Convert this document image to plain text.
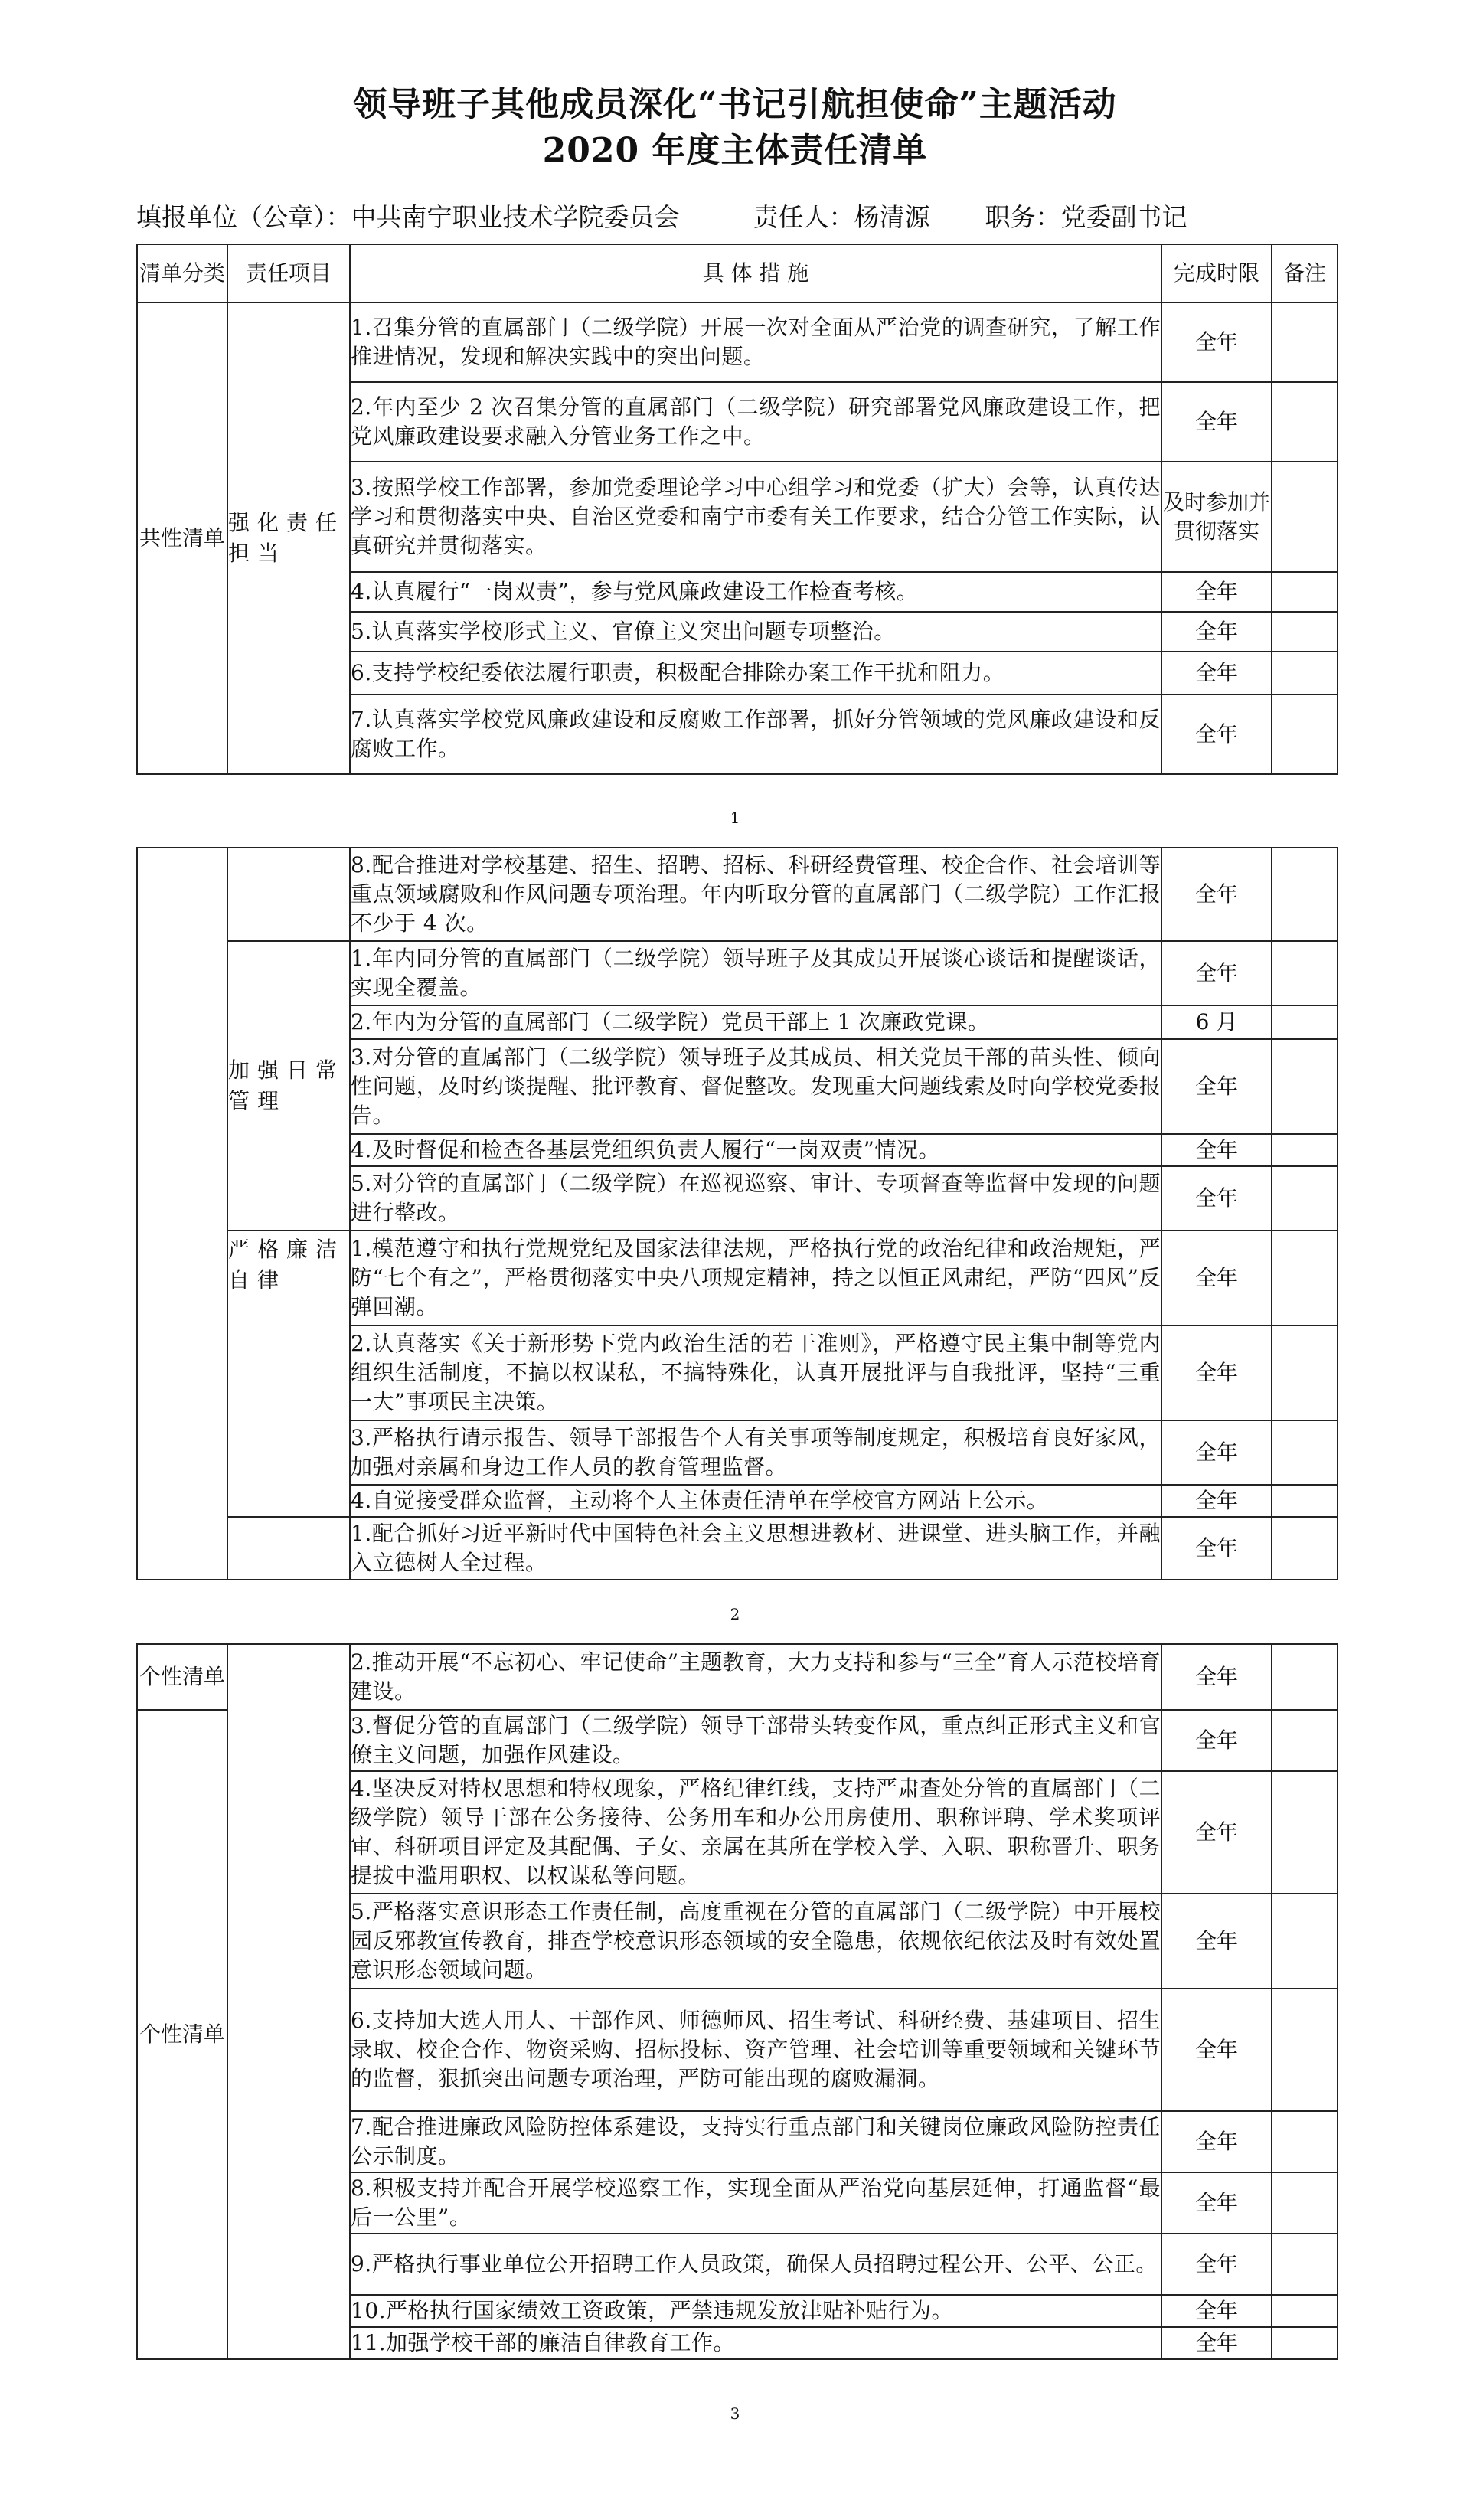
领导班子其他成员深化“书记引航担使命”主题活动
2020 年度主体责任清单
填报单位（公章）：中共南宁职业技术学院委员会	责任人：杨清源 职务：党委副书记
清单分类	责任项目	具 体 措 施	完成时限	备注
共性清单	强化责任担当	1.召集分管的直属部门（二级学院）开展一次对全面从严治党的调查研究，了解工作推进情况，发现和解决实践中的突出问题。	全年	
		2.年内至少 2 次召集分管的直属部门（二级学院）研究部署党风廉政建设工作，把党风廉政建设要求融入分管业务工作之中。	全年	
		3.按照学校工作部署，参加党委理论学习中心组学习和党委（扩大）会等，认真传达学习和贯彻落实中央、自治区党委和南宁市委有关工作要求，结合分管工作实际，认真研究并贯彻落实。	及时参加并贯彻落实	
		4.认真履行“一岗双责”，参与党风廉政建设工作检查考核。	全年	
		5.认真落实学校形式主义、官僚主义突出问题专项整治。	全年	
		6.支持学校纪委依法履行职责，积极配合排除办案工作干扰和阻力。	全年	
		7.认真落实学校党风廉政建设和反腐败工作部署，抓好分管领域的党风廉政建设和反腐败工作。	全年	
1
		8.配合推进对学校基建、招生、招聘、招标、科研经费管理、校企合作、社会培训等重点领域腐败和作风问题专项治理。年内听取分管的直属部门（二级学院）工作汇报不少于 4 次。	全年	
	加强日常管理	1.年内同分管的直属部门（二级学院）领导班子及其成员开展谈心谈话和提醒谈话，实现全覆盖。	全年	
		2.年内为分管的直属部门（二级学院）党员干部上 1 次廉政党课。	6 月	
		3.对分管的直属部门（二级学院）领导班子及其成员、相关党员干部的苗头性、倾向性问题，及时约谈提醒、批评教育、督促整改。发现重大问题线索及时向学校党委报告。	全年	
		4.及时督促和检查各基层党组织负责人履行“一岗双责”情况。	全年	
		5.对分管的直属部门（二级学院）在巡视巡察、审计、专项督查等监督中发现的问题进行整改。	全年	

	严格廉洁自律	1.模范遵守和执行党规党纪及国家法律法规，严格执行党的政治纪律和政治规矩，严防“七个有之”，严格贯彻落实中央八项规定精神，持之以恒正风肃纪，严防“四风”反弹回潮。	全年	
		2.认真落实《关于新形势下党内政治生活的若干准则》，严格遵守民主集中制等党内组织生活制度，不搞以权谋私，不搞特殊化，认真开展批评与自我批评，坚持“三重一大”事项民主决策。	全年	
		3.严格执行请示报告、领导干部报告个人有关事项等制度规定，积极培育良好家风，加强对亲属和身边工作人员的教育管理监督。	全年	
		4.自觉接受群众监督，主动将个人主体责任清单在学校官方网站上公示。	全年	
		1.配合抓好习近平新时代中国特色社会主义思想进教材、进课堂、进头脑工作，并融入立德树人全过程。	全年	
2
个性清单		2.推动开展“不忘初心、牢记使命”主题教育，大力支持和参与“三全”育人示范校培育建设。	全年	
个性清单		3.督促分管的直属部门（二级学院）领导干部带头转变作风，重点纠正形式主义和官僚主义问题，加强作风建设。	全年	
		4.坚决反对特权思想和特权现象，严格纪律红线，支持严肃查处分管的直属部门（二级学院）领导干部在公务接待、公务用车和办公用房使用、职称评聘、学术奖项评审、科研项目评定及其配偶、子女、亲属在其所在学校入学、入职、职称晋升、职务提拔中滥用职权、以权谋私等问题。	全年	
		5.严格落实意识形态工作责任制，高度重视在分管的直属部门（二级学院）中开展校园反邪教宣传教育，排查学校意识形态领域的安全隐患，依规依纪依法及时有效处置意识形态领域问题。	全年	
		6.支持加大选人用人、干部作风、师德师风、招生考试、科研经费、基建项目、招生录取、校企合作、物资采购、招标投标、资产管理、社会培训等重要领域和关键环节的监督，狠抓突出问题专项治理，严防可能出现的腐败漏洞。	全年	
		7.配合推进廉政风险防控体系建设，支持实行重点部门和关键岗位廉政风险防控责任公示制度。	全年	
		8.积极支持并配合开展学校巡察工作，实现全面从严治党向基层延伸，打通监督“最后一公里”。	全年	
		9.严格执行事业单位公开招聘工作人员政策，确保人员招聘过程公开、公平、公正。	全年	
		10.严格执行国家绩效工资政策，严禁违规发放津贴补贴行为。	全年	
		11.加强学校干部的廉洁自律教育工作。	全年	
3
